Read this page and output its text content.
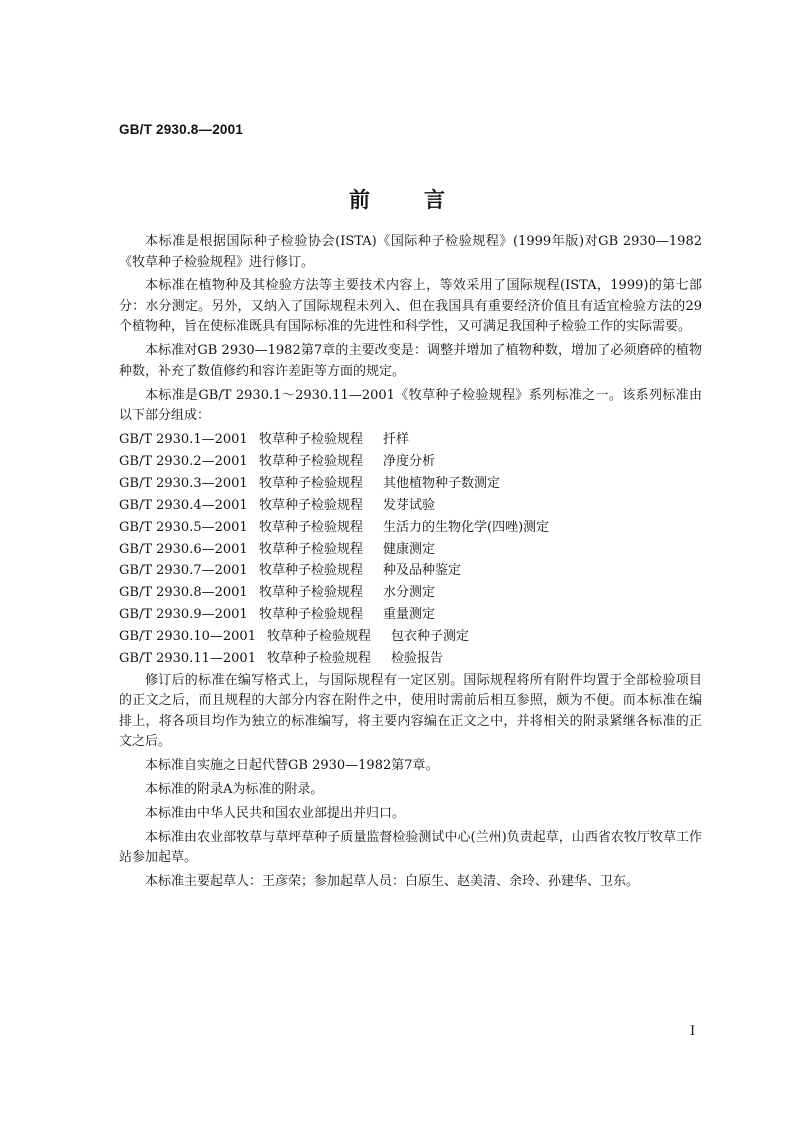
GB/T 2930.8—2001
前言

本标准是根据国际种子检验协会(ISTA)《国际种子检验规程》(1999年版)对GB 2930—1982《牧草种子检验规程》进行修订。

本标准在植物种及其检验方法等主要技术内容上，等效采用了国际规程(ISTA，1999)的第七部分：水分测定。另外，又纳入了国际规程未列入、但在我国具有重要经济价值且有适宜检验方法的29个植物种，旨在使标准既具有国际标准的先进性和科学性，又可满足我国种子检验工作的实际需要。

本标准对GB 2930—1982第7章的主要改变是：调整并增加了植物种数，增加了必须磨碎的植物种数，补充了数值修约和容许差距等方面的规定。

本标准是GB/T 2930.1～2930.11—2001《牧草种子检验规程》系列标准之一。该系列标准由以下部分组成：

GB/T 2930.1—2001 牧草种子检验规程 扦样
GB/T 2930.2—2001 牧草种子检验规程 净度分析
GB/T 2930.3—2001 牧草种子检验规程 其他植物种子数测定
GB/T 2930.4—2001 牧草种子检验规程 发芽试验
GB/T 2930.5—2001 牧草种子检验规程 生活力的生物化学(四唑)测定
GB/T 2930.6—2001 牧草种子检验规程 健康测定
GB/T 2930.7—2001 牧草种子检验规程 种及品种鉴定
GB/T 2930.8—2001 牧草种子检验规程 水分测定
GB/T 2930.9—2001 牧草种子检验规程 重量测定
GB/T 2930.10—2001 牧草种子检验规程 包衣种子测定
GB/T 2930.11—2001 牧草种子检验规程 检验报告

修订后的标准在编写格式上，与国际规程有一定区别。国际规程将所有附件均置于全部检验项目的正文之后，而且规程的大部分内容在附件之中，使用时需前后相互参照，颇为不便。而本标准在编排上，将各项目均作为独立的标准编写，将主要内容编在正文之中，并将相关的附录紧继各标准的正文之后。

本标准自实施之日起代替GB 2930—1982第7章。

本标准的附录A为标准的附录。

本标准由中华人民共和国农业部提出并归口。

本标准由农业部牧草与草坪草种子质量监督检验测试中心(兰州)负责起草，山西省农牧厅牧草工作站参加起草。

本标准主要起草人：王彦荣；参加起草人员：白原生、赵美清、余玲、孙建华、卫东。

I
